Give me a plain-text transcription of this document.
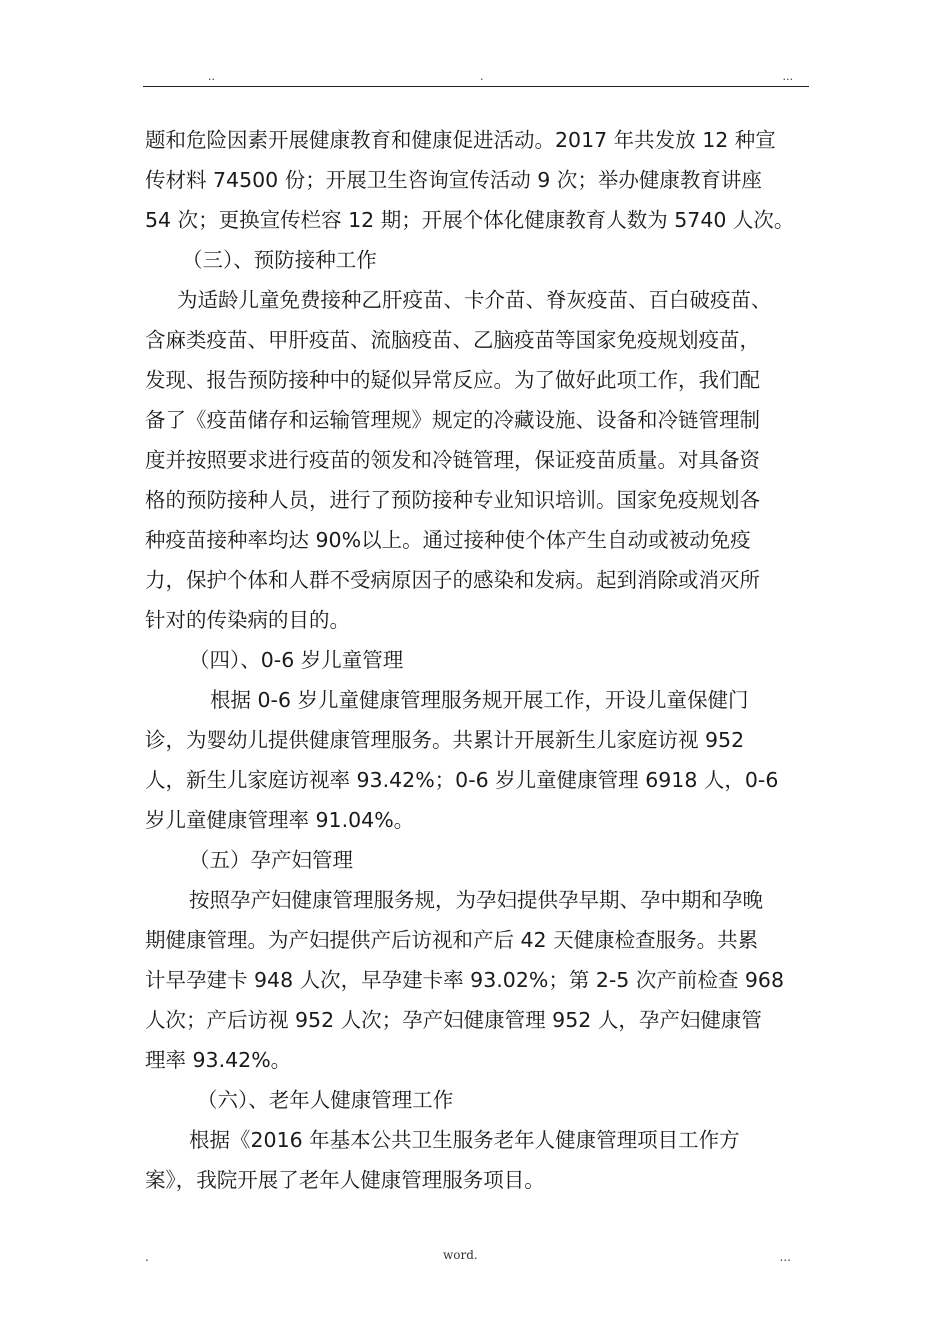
..	.	...
题和危险因素开展健康教育和健康促进活动。2017 年共发放 12 种宣
传材料 74500 份；开展卫生咨询宣传活动 9 次；举办健康教育讲座
54 次；更换宣传栏容 12 期；开展个体化健康教育人数为 5740 人次。
（三）、预防接种工作
为适龄儿童免费接种乙肝疫苗、卡介苗、脊灰疫苗、百白破疫苗、
含麻类疫苗、甲肝疫苗、流脑疫苗、乙脑疫苗等国家免疫规划疫苗，
发现、报告预防接种中的疑似异常反应。为了做好此项工作，我们配
备了《疫苗储存和运输管理规》规定的冷藏设施、设备和冷链管理制
度并按照要求进行疫苗的领发和冷链管理，保证疫苗质量。对具备资
格的预防接种人员，进行了预防接种专业知识培训。国家免疫规划各
种疫苗接种率均达 90%以上。通过接种使个体产生自动或被动免疫
力，保护个体和人群不受病原因子的感染和发病。起到消除或消灭所
针对的传染病的目的。
（四）、0-6 岁儿童管理
根据 0-6 岁儿童健康管理服务规开展工作，开设儿童保健门
诊，为婴幼儿提供健康管理服务。共累计开展新生儿家庭访视 952
人，新生儿家庭访视率 93.42%；0-6 岁儿童健康管理 6918 人，0-6
岁儿童健康管理率 91.04%。
（五）孕产妇管理
按照孕产妇健康管理服务规，为孕妇提供孕早期、孕中期和孕晚
期健康管理。为产妇提供产后访视和产后 42 天健康检查服务。共累
计早孕建卡 948 人次，早孕建卡率 93.02%；第 2-5 次产前检查 968
人次；产后访视 952 人次；孕产妇健康管理 952 人，孕产妇健康管
理率 93.42%。
（六）、老年人健康管理工作
根据《2016 年基本公共卫生服务老年人健康管理项目工作方
案》，我院开展了老年人健康管理服务项目。
.	word.	...
